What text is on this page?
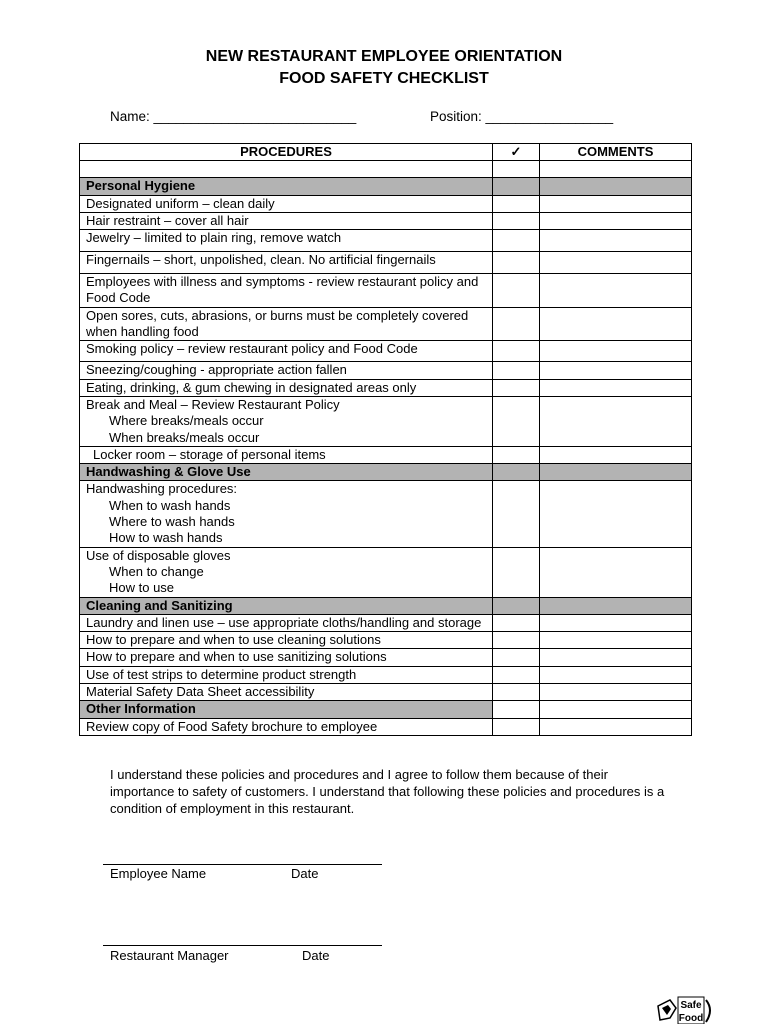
NEW RESTAURANT EMPLOYEE ORIENTATION
FOOD SAFETY CHECKLIST
Name: ___________________________	Position: _________________
PROCEDURES	✓	COMMENTS

Personal Hygiene		
Designated uniform – clean daily		
Hair restraint – cover all hair		
Jewelry – limited to plain ring, remove watch		
Fingernails – short, unpolished, clean. No artificial fingernails		
Employees with illness and symptoms - review restaurant policy and Food Code		
Open sores, cuts, abrasions, or burns must be completely covered when handling food		
Smoking policy – review restaurant policy and Food Code		
Sneezing/coughing - appropriate action fallen		
Eating, drinking, & gum chewing in designated areas only		
Break and Meal – Review Restaurant Policy
Where breaks/meals occur
When breaks/meals occur		

Locker room – storage of personal items		
Handwashing & Glove Use		
Handwashing procedures:
When to wash hands
Where to wash hands
How to wash hands		

Use of disposable gloves
When to change
How to use		

Cleaning and Sanitizing		
Laundry and linen use – use appropriate cloths/handling and storage		
How to prepare and when to use cleaning solutions		
How to prepare and when to use sanitizing solutions		
Use of test strips to determine product strength		
Material Safety Data Sheet accessibility		
Other Information		
Review copy of Food Safety brochure to employee		
I understand these policies and procedures and I agree to follow them because of their importance to safety of customers. I understand that following these policies and procedures is a condition of employment in this restaurant.
Employee Name	Date
Restaurant Manager	Date
Safe
Food
